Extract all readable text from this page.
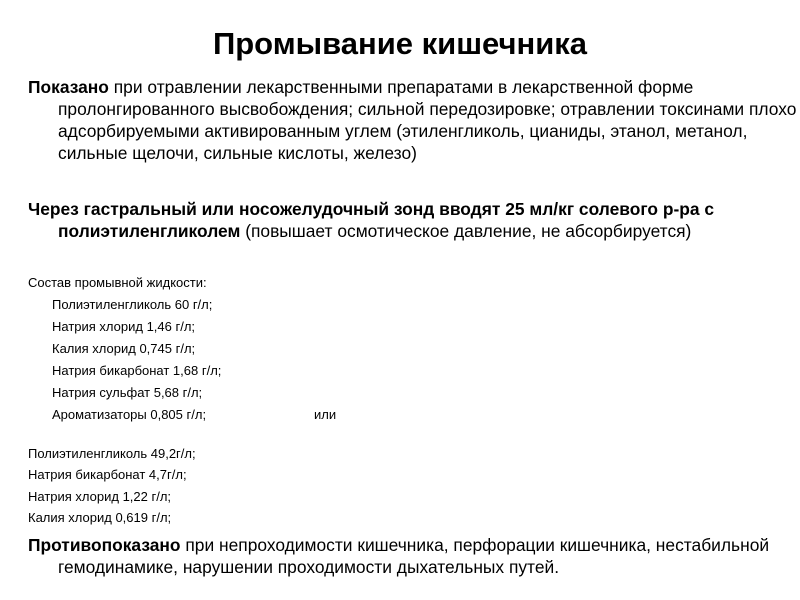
Промывание кишечника
Показано при отравлении лекарственными препаратами в лекарственной форме пролонгированного высвобождения; сильной передозировке; отравлении токсинами плохо адсорбируемыми активированным углем (этиленгликоль, цианиды, этанол, метанол, сильные щелочи, сильные кислоты, железо)
Через гастральный или носожелудочный зонд вводят 25 мл/кг солевого р-ра с полиэтиленгликолем (повышает осмотическое давление, не абсорбируется)
Состав промывной жидкости:
Полиэтиленгликоль 60 г/л;
Натрия хлорид 1,46 г/л;
Калия хлорид 0,745 г/л;
Натрия бикарбонат 1,68 г/л;
Натрия сульфат 5,68 г/л;
Ароматизаторы 0,805 г/л;	или
Полиэтиленгликоль 49,2г/л;
Натрия бикарбонат 4,7г/л;
Натрия хлорид 1,22 г/л;
Калия хлорид 0,619 г/л;
Противопоказано при непроходимости кишечника, перфорации кишечника, нестабильной гемодинамике, нарушении проходимости дыхательных путей.
